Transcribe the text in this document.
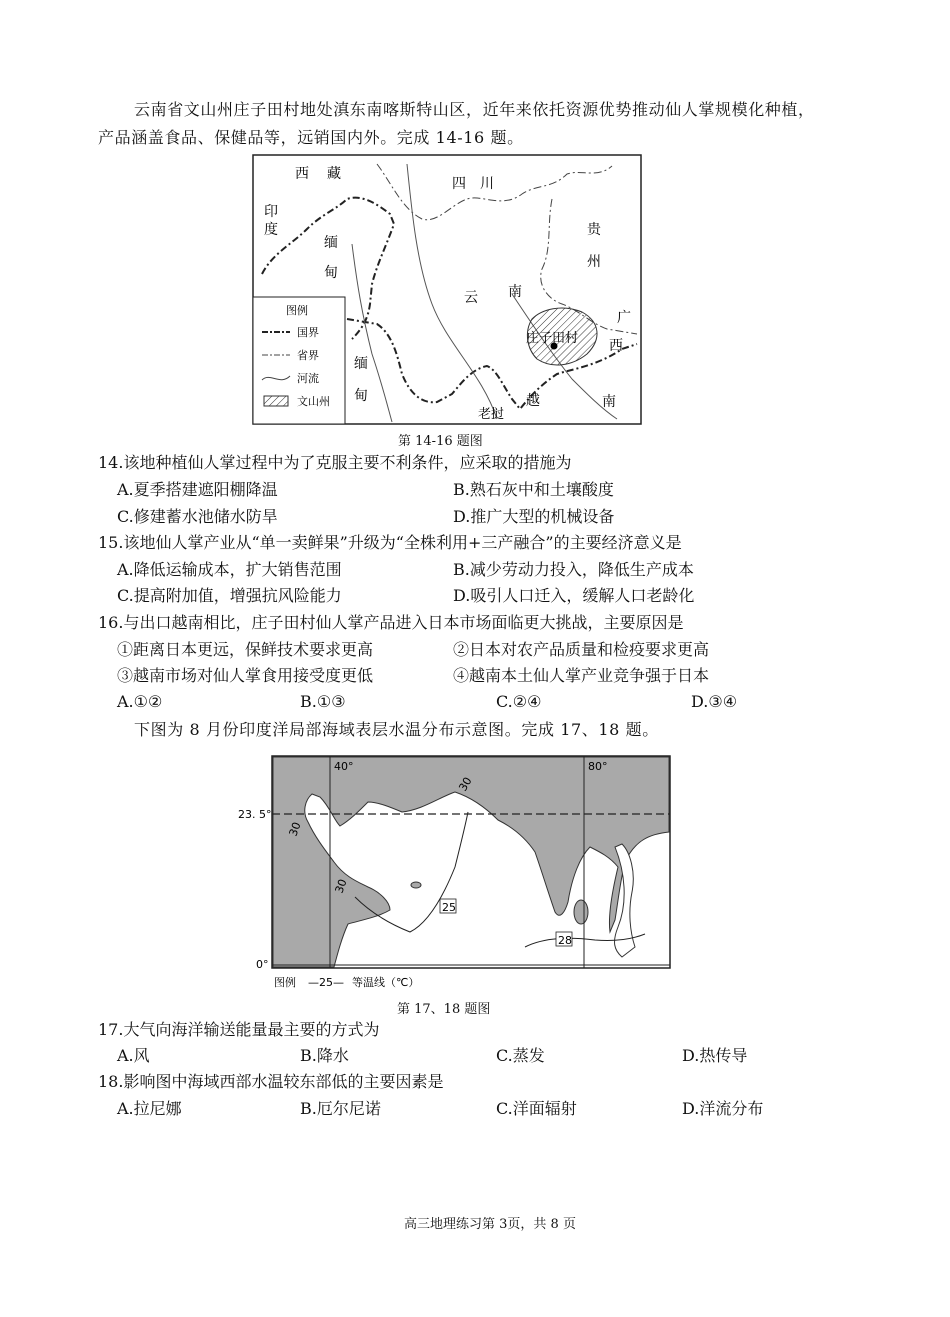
云南省文山州庄子田村地处滇东南喀斯特山区，近年来依托资源优势推动仙人掌规模化种植，
产品涵盖食品、保健品等，远销国内外。完成 14-16 题。
西 藏
四　川
印
度
缅
甸
贵
州
云 南
广
西
南
庄子田村
缅
甸
老挝
越
图例
国界
省界
河流
文山州
第 14-16 题图
14.该地种植仙人掌过程中为了克服主要不利条件，应采取的措施为
A.夏季搭建遮阳棚降温	B.熟石灰中和土壤酸度
C.修建蓄水池储水防旱	D.推广大型的机械设备
15.该地仙人掌产业从“单一卖鲜果”升级为“全株利用+三产融合”的主要经济意义是
A.降低运输成本，扩大销售范围	B.减少劳动力投入，降低生产成本
C.提高附加值，增强抗风险能力	D.吸引人口迁入，缓解人口老龄化
16.与出口越南相比，庄子田村仙人掌产品进入日本市场面临更大挑战，主要原因是
①距离日本更远，保鲜技术要求更高	②日本对农产品质量和检疫要求更高
③越南市场对仙人掌食用接受度更低	④越南本土仙人掌产业竞争强于日本
A.①②	B.①③	C.②④	D.③④
下图为 8 月份印度洋局部海域表层水温分布示意图。完成 17、18 题。
40°	80°
23. 5°
0°
30
30
30
25
28
图例 —25— 等温线（℃）
第 17、18 题图
17.大气向海洋输送能量最主要的方式为
A.风	B.降水	C.蒸发	D.热传导
18.影响图中海域西部水温较东部低的主要因素是
A.拉尼娜	B.厄尔尼诺	C.洋面辐射	D.洋流分布
高三地理练习第 3页，共 8 页
